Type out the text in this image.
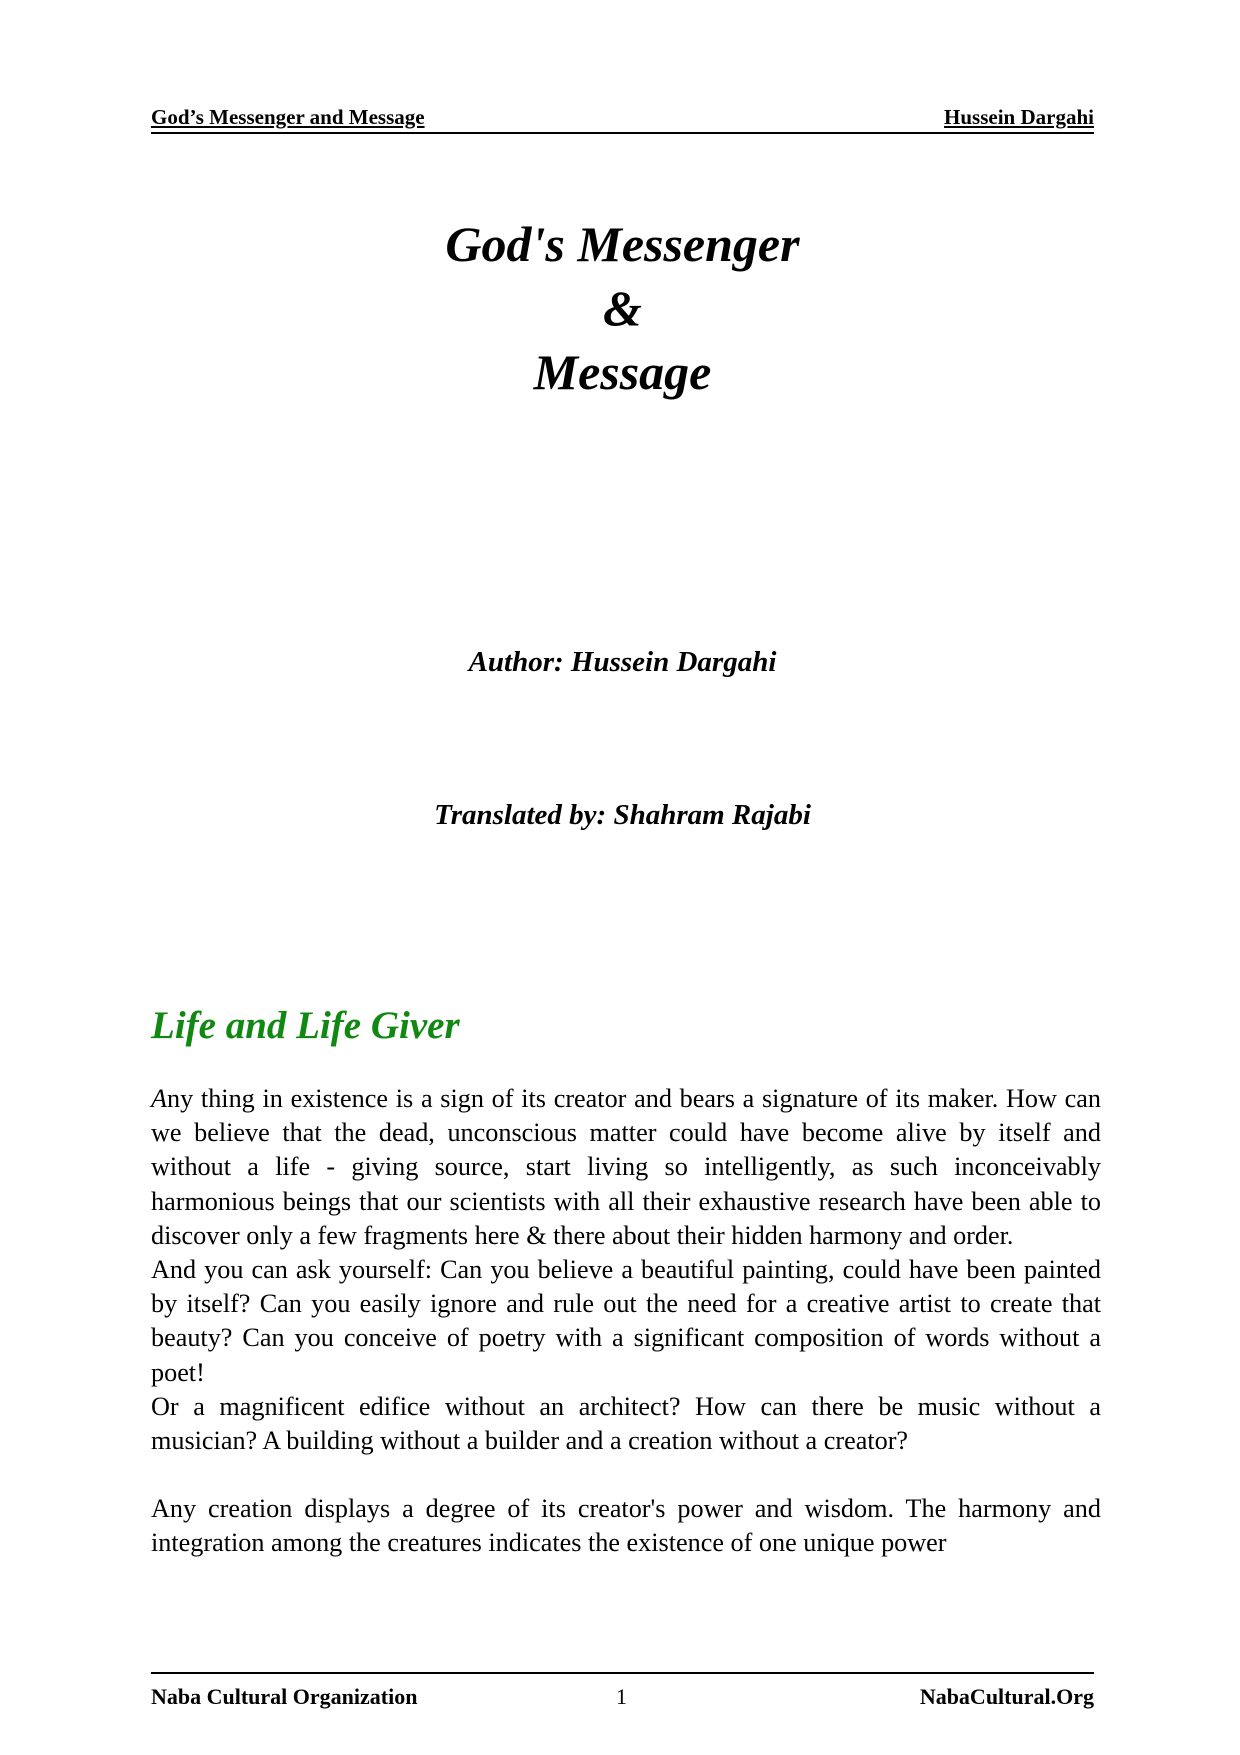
God’s Messenger and Message	Hussein Dargahi
God's Messenger
&
Message
Author: Hussein Dargahi
Translated by: Shahram Rajabi
Life and Life Giver

Any thing in existence is a sign of its creator and bears a signature of its maker. How can we believe that the dead, unconscious matter could have become alive by itself and without a life - giving source, start living so intelligently, as such inconceivably harmonious beings that our scientists with all their exhaustive research have been able to discover only a few fragments here & there about their hidden harmony and order.

And you can ask yourself: Can you believe a beautiful painting, could have been painted by itself? Can you easily ignore and rule out the need for a creative artist to create that beauty? Can you conceive of poetry with a significant composition of words without a poet!

Or a magnificent edifice without an architect? How can there be music without a musician? A building without a builder and a creation without a creator?

Any creation displays a degree of its creator's power and wisdom. The harmony and integration among the creatures indicates the existence of one unique power

Naba Cultural Organization	1	NabaCultural.Org
